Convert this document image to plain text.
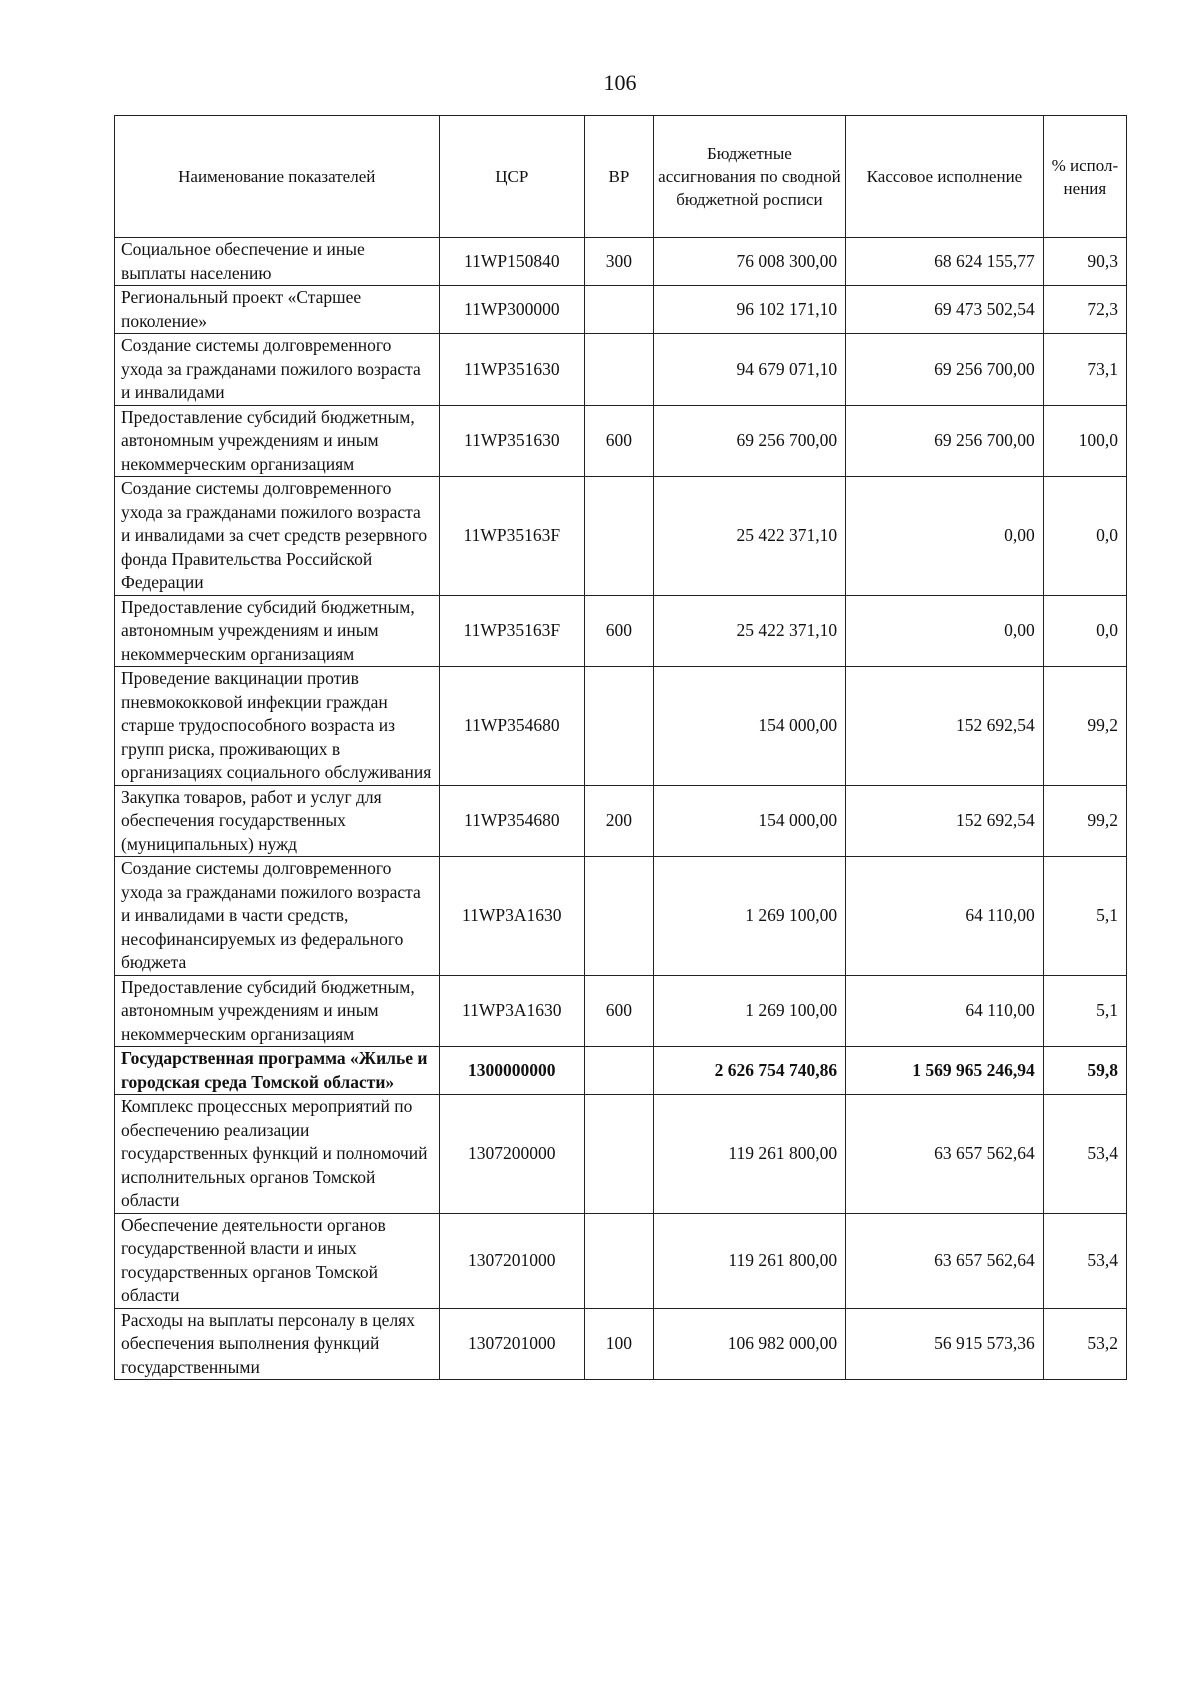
106
Наименование показателей	ЦСР	ВР	Бюджетные ассигнования по сводной бюджетной росписи	Кассовое исполнение	% испол-нения
Социальное обеспечение и иные выплаты населению	11WP150840	300	76 008 300,00	68 624 155,77	90,3
Региональный проект «Старшее поколение»	11WP300000		96 102 171,10	69 473 502,54	72,3
Создание системы долговременного ухода за гражданами пожилого возраста и инвалидами	11WP351630		94 679 071,10	69 256 700,00	73,1
Предоставление субсидий бюджетным, автономным учреждениям и иным некоммерческим организациям	11WP351630	600	69 256 700,00	69 256 700,00	100,0
Создание системы долговременного ухода за гражданами пожилого возраста и инвалидами за счет средств резервного фонда Правительства Российской Федерации	11WP35163F		25 422 371,10	0,00	0,0
Предоставление субсидий бюджетным, автономным учреждениям и иным некоммерческим организациям	11WP35163F	600	25 422 371,10	0,00	0,0
Проведение вакцинации против пневмококковой инфекции граждан старше трудоспособного возраста из групп риска, проживающих в организациях социального обслуживания	11WP354680		154 000,00	152 692,54	99,2
Закупка товаров, работ и услуг для обеспечения государственных (муниципальных) нужд	11WP354680	200	154 000,00	152 692,54	99,2
Создание системы долговременного ухода за гражданами пожилого возраста и инвалидами в части средств, несофинансируемых из федерального бюджета	11WP3A1630		1 269 100,00	64 110,00	5,1
Предоставление субсидий бюджетным, автономным учреждениям и иным некоммерческим организациям	11WP3A1630	600	1 269 100,00	64 110,00	5,1
Государственная программа «Жилье и городская среда Томской области»	1300000000		2 626 754 740,86	1 569 965 246,94	59,8
Комплекс процессных мероприятий по обеспечению реализации государственных функций и полномочий исполнительных органов Томской области	1307200000		119 261 800,00	63 657 562,64	53,4
Обеспечение деятельности органов государственной власти и иных государственных органов Томской области	1307201000		119 261 800,00	63 657 562,64	53,4
Расходы на выплаты персоналу в целях обеспечения выполнения функций государственными	1307201000	100	106 982 000,00	56 915 573,36	53,2
